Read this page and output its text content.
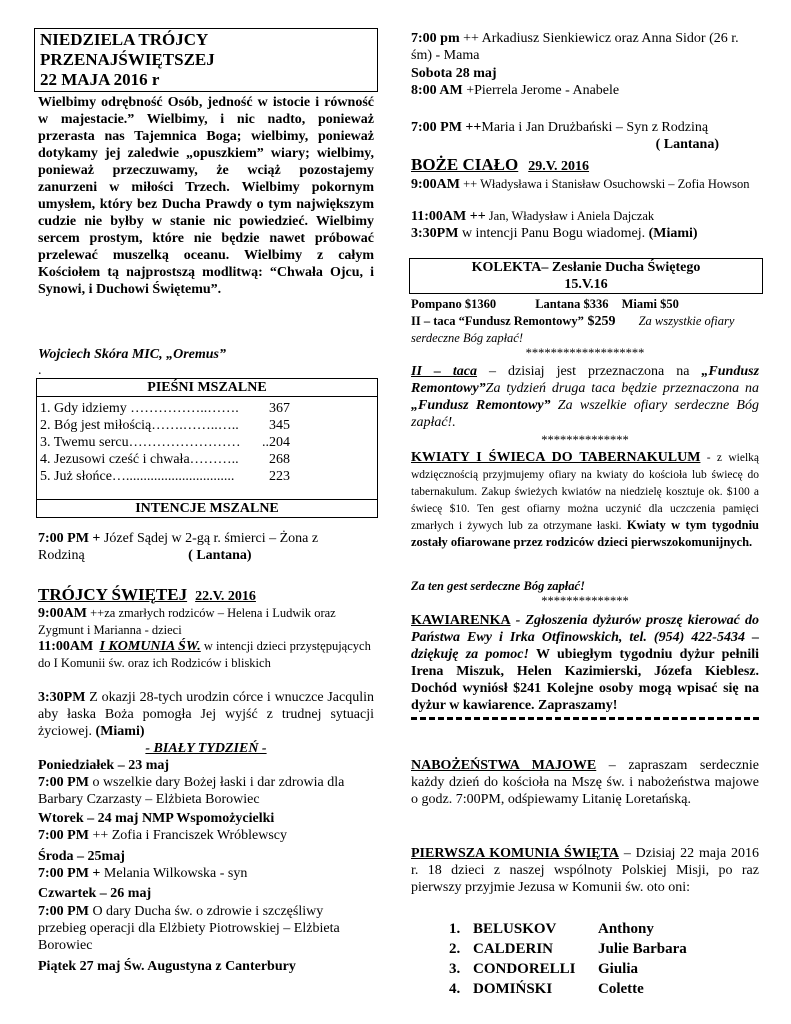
NIEDZIELA TRÓJCY
PRZENAJŚWIĘTSZEJ
22 MAJA 2016 r
Wielbimy odrębność Osób, jedność w istocie i równość w majestacie.” Wielbimy, i nic nadto, ponieważ przerasta nas Tajemnica Boga; wielbimy, ponieważ dotykamy jej zaledwie „opuszkiem” wiary; wielbimy, ponieważ przeczuwamy, że wciąż pozostajemy zanurzeni w miłości Trzech. Wielbimy pokornym umysłem, który bez Ducha Prawdy o tym największym cudzie nie byłby w stanie nic powiedzieć. Wielbimy sercem prostym, które nie będzie nawet próbować przelewać muszelką oceanu. Wielbimy z całym Kościołem tą najprostszą modlitwą: “Chwała Ojcu, i Synowi, i Duchowi Świętemu”.
Wojciech Skóra MIC, „Oremus”
.
PIEŚNI MSZALNE
1. Gdy idziemy ……………..……. 367
2. Bóg jest miłością…….……..….. 345
3. Twemu sercu…………………… ..204
4. Jezusowi cześć i chwała……….. 268
5. Już słońce…............................... 223
INTENCJE MSZALNE
7:00 PM + Józef Sądej w 2-gą r. śmierci – Żona z
Rodziną	( Lantana)
TRÓJCY ŚWIĘTEJ 22.V. 2016
9:00AM ++za zmarłych rodziców – Helena i Ludwik oraz Zygmunt i Marianna - dzieci
11:00AM I KOMUNIA ŚW. w intencji dzieci przystępujących do I Komunii św. oraz ich Rodziców i bliskich
3:30PM Z okazji 28-tych urodzin córce i wnuczce Jacqulin aby łaska Boża pomogła Jej wyjść z trudnej sytuacji życiowej. (Miami)
- BIAŁY TYDZIEŃ -
Poniedziałek – 23 maj
7:00 PM o wszelkie dary Bożej łaski i dar zdrowia dla Barbary Czarzasty – Elżbieta Borowiec
Wtorek – 24 maj NMP Wspomożycielki
7:00 PM ++ Zofia i Franciszek Wróblewscy
Środa – 25maj
7:00 PM + Melania Wilkowska - syn
Czwartek – 26 maj
7:00 PM O dary Ducha św. o zdrowie i szczęśliwy przebieg operacji dla Elżbiety Piotrowskiej – Elżbieta Borowiec
Piątek 27 maj Św. Augustyna z Canterbury
7:00 pm ++ Arkadiusz Sienkiewicz oraz Anna Sidor (26 r. śm) - Mama
Sobota 28 maj
8:00 AM +Pierrela Jerome - Anabele
7:00 PM ++Maria i Jan Drużbański – Syn z Rodziną
( Lantana)
BOŻE CIAŁO 29.V. 2016
9:00AM ++ Władysława i Stanisław Osuchowski – Zofia Howson
11:00AM ++ Jan, Władysław i Aniela Dajczak
3:30PM w intencji Panu Bogu wiadomej. (Miami)
KOLEKTA– Zesłanie Ducha Świętego
15.V.16
Pompano $1360	Lantana $336 Miami $50
II – taca “Fundusz Remontowy” $259 Za wszystkie ofiary serdeczne Bóg zapłać!
*******************
II – taca – dzisiaj jest przeznaczona na „Fundusz Remontowy”Za tydzień druga taca będzie przeznaczona na „Fundusz Remontowy” Za wszelkie ofiary serdeczne Bóg zapłać!.
**************
KWIATY I ŚWIECA DO TABERNAKULUM - z wielką wdzięcznością przyjmujemy ofiary na kwiaty do kościoła lub świecę do tabernakulum. Zakup świeżych kwiatów na niedzielę kosztuje ok. $100 a świecę $10. Ten gest ofiarny można uczynić dla uczczenia pamięci zmarłych i żywych lub za otrzymane łaski. Kwiaty w tym tygodniu zostały ofiarowane przez rodziców dzieci pierwszokomunijnych.
Za ten gest serdeczne Bóg zapłać!
**************
KAWIARENKA - Zgłoszenia dyżurów proszę kierować do Państwa Ewy i Irka Otfinowskich, tel. (954) 422-5434 – dziękuję za pomoc! W ubiegłym tygodniu dyżur pełnili Irena Miszuk, Helen Kazimierski, Józefa Kieblesz. Dochód wyniósł $241 Kolejne osoby mogą wpisać się na dyżur w kawiarence. Zapraszamy!
NABOŻEŃSTWA MAJOWE – zapraszam serdecznie każdy dzień do kościoła na Mszę św. i nabożeństwa majowe o godz. 7:00PM, odśpiewamy Litanię Loretańską.
PIERWSZA KOMUNIA ŚWIĘTA – Dzisiaj 22 maja 2016 r. 18 dzieci z naszej wspólnoty Polskiej Misji, po raz pierwszy przyjmie Jezusa w Komunii św. oto oni:
1. BELUSKOV	Anthony
2. CALDERIN	Julie Barbara
3. CONDORELLI Giulia
4. DOMIŃSKI	Colette
